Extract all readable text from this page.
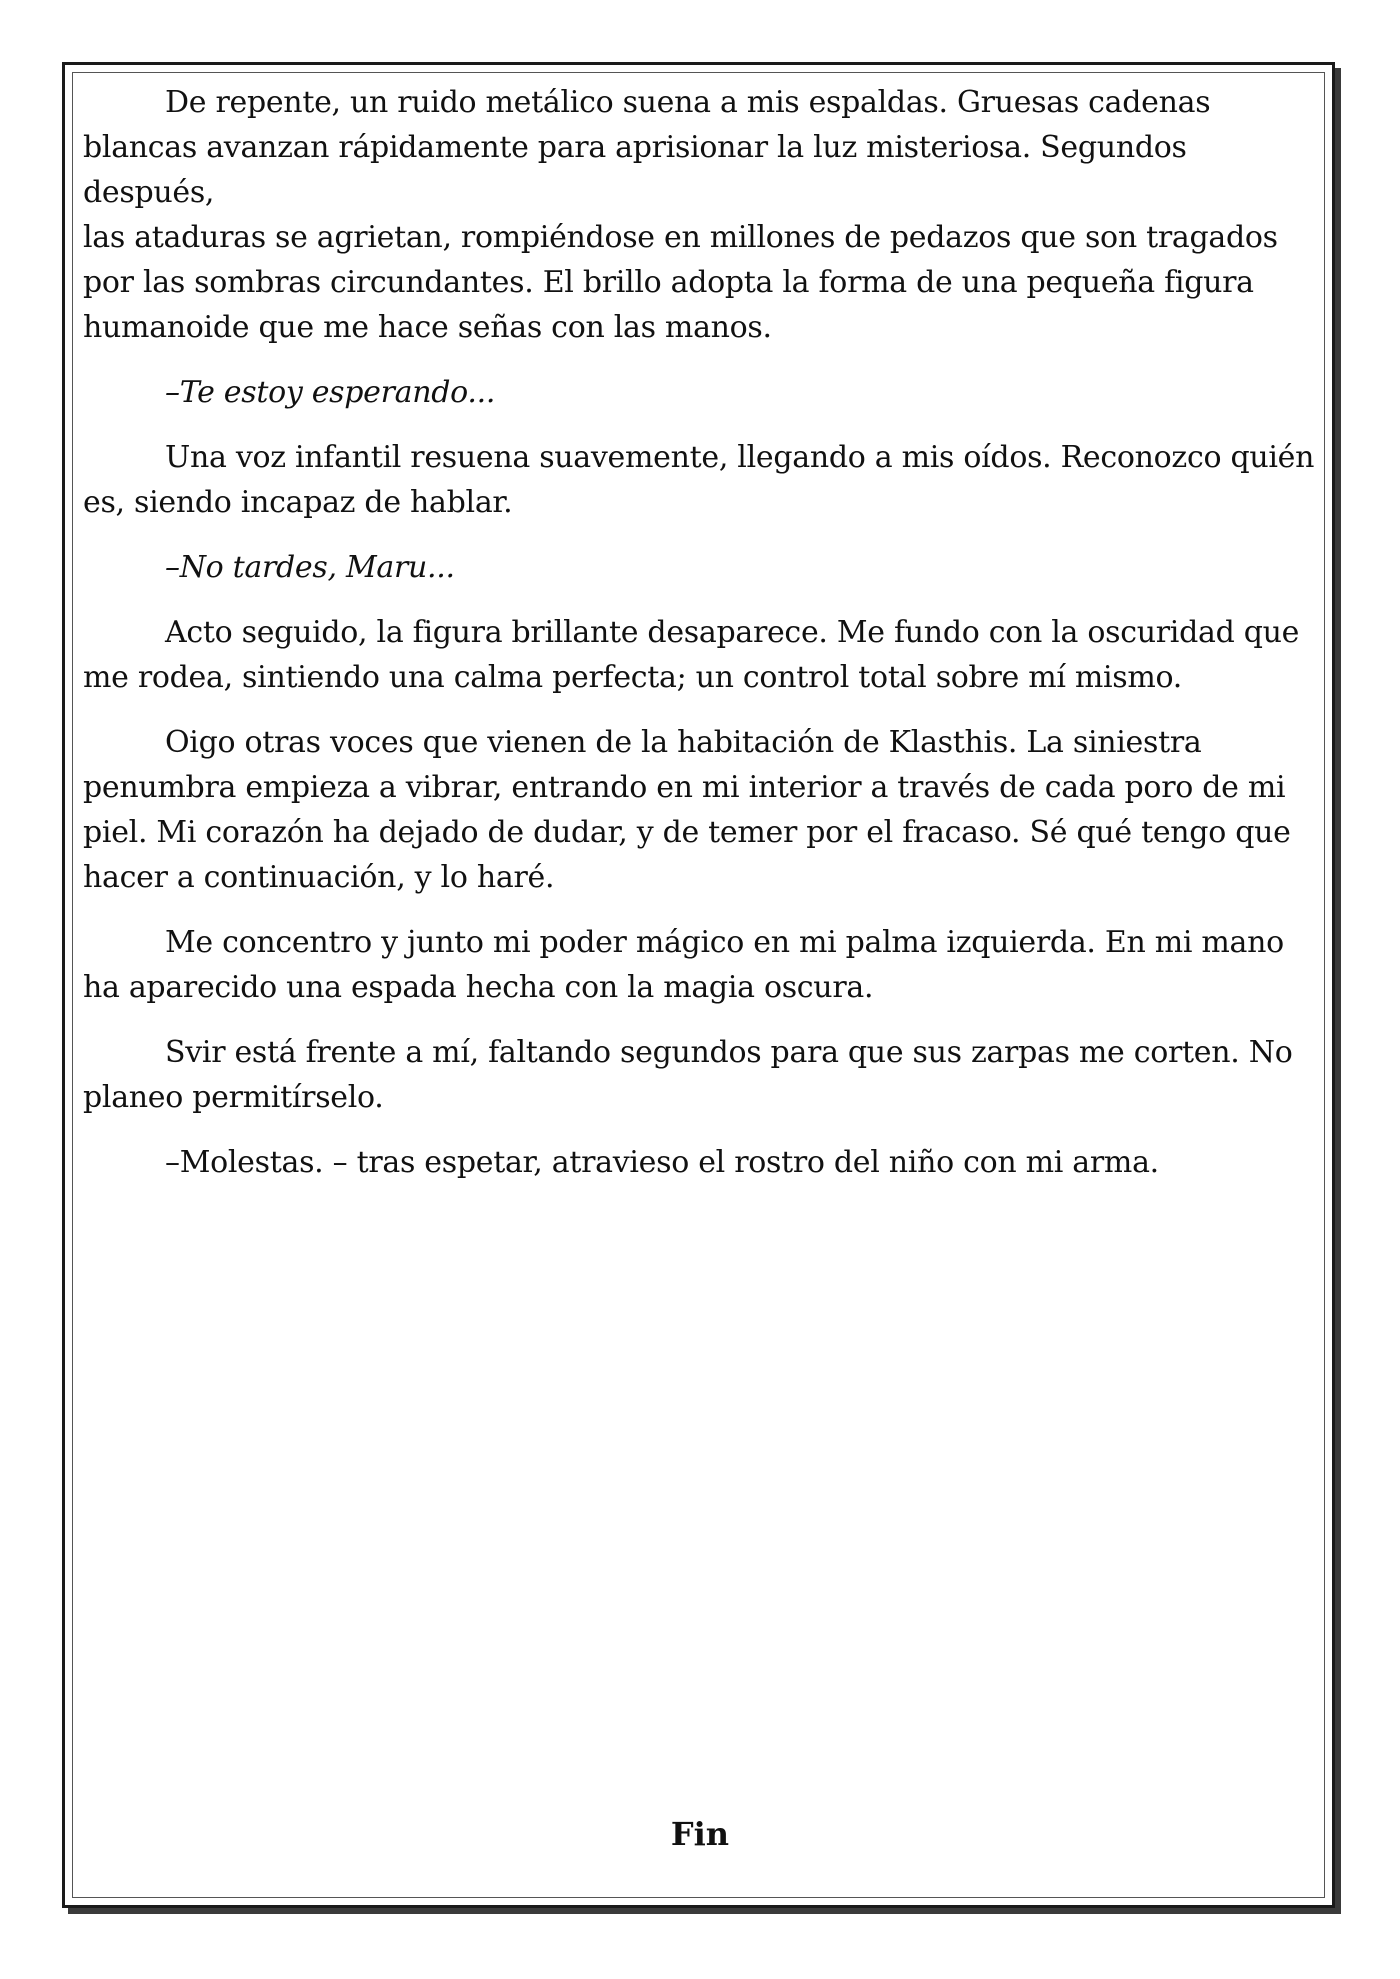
De repente, un ruido metálico suena a mis espaldas. Gruesas cadenas
blancas avanzan rápidamente para aprisionar la luz misteriosa. Segundos después,
las ataduras se agrietan, rompiéndose en millones de pedazos que son tragados
por las sombras circundantes. El brillo adopta la forma de una pequeña figura
humanoide que me hace señas con las manos.

–Te estoy esperando...

Una voz infantil resuena suavemente, llegando a mis oídos. Reconozco quién
es, siendo incapaz de hablar.

–No tardes, Maru...

Acto seguido, la figura brillante desaparece. Me fundo con la oscuridad que
me rodea, sintiendo una calma perfecta; un control total sobre mí mismo.

Oigo otras voces que vienen de la habitación de Klasthis. La siniestra
penumbra empieza a vibrar, entrando en mi interior a través de cada poro de mi
piel. Mi corazón ha dejado de dudar, y de temer por el fracaso. Sé qué tengo que
hacer a continuación, y lo haré.

Me concentro y junto mi poder mágico en mi palma izquierda. En mi mano
ha aparecido una espada hecha con la magia oscura.

Svir está frente a mí, faltando segundos para que sus zarpas me corten. No
planeo permitírselo.

–Molestas. – tras espetar, atravieso el rostro del niño con mi arma.

Fin
